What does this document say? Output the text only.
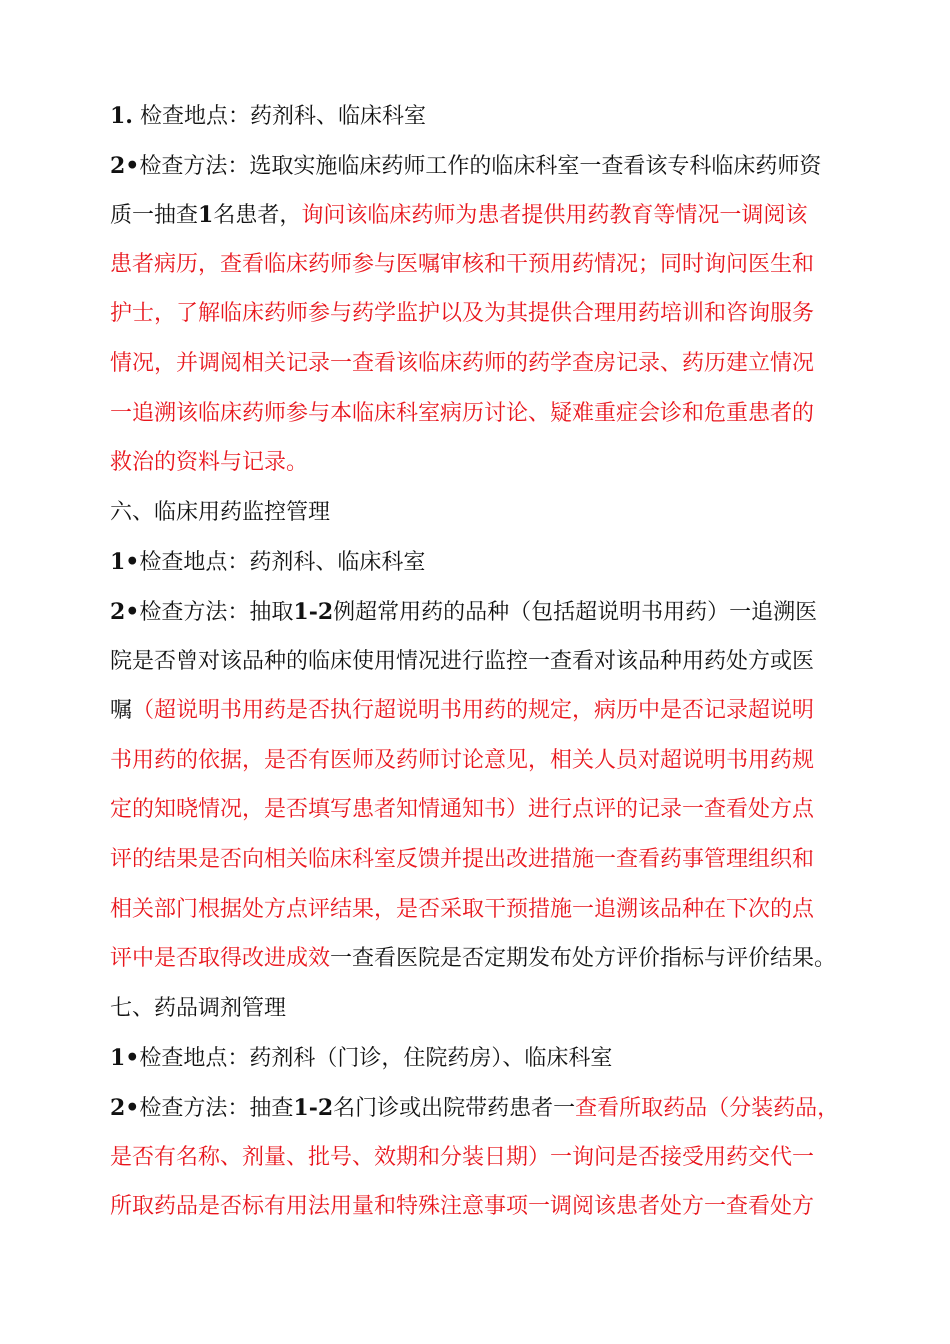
1. 检查地点：药剂科、临床科室
2•检查方法：选取实施临床药师工作的临床科室一查看该专科临床药师资
质一抽查1名患者，询问该临床药师为患者提供用药教育等情况一调阅该
患者病历，查看临床药师参与医嘱审核和干预用药情况；同时询问医生和
护士，了解临床药师参与药学监护以及为其提供合理用药培训和咨询服务
情况，并调阅相关记录一查看该临床药师的药学查房记录、药历建立情况
一追溯该临床药师参与本临床科室病历讨论、疑难重症会诊和危重患者的
救治的资料与记录。
六、临床用药监控管理
1•检查地点：药剂科、临床科室
2•检查方法：抽取1-2例超常用药的品种（包括超说明书用药）一追溯医
院是否曾对该品种的临床使用情况进行监控一查看对该品种用药处方或医
嘱（超说明书用药是否执行超说明书用药的规定，病历中是否记录超说明
书用药的依据，是否有医师及药师讨论意见，相关人员对超说明书用药规
定的知晓情况，是否填写患者知情通知书）进行点评的记录一查看处方点
评的结果是否向相关临床科室反馈并提出改进措施一查看药事管理组织和
相关部门根据处方点评结果，是否采取干预措施一追溯该品种在下次的点
评中是否取得改进成效一查看医院是否定期发布处方评价指标与评价结果。
七、药品调剂管理
1•检查地点：药剂科（门诊，住院药房）、临床科室
2•检查方法：抽查1-2名门诊或出院带药患者一查看所取药品（分装药品，
是否有名称、剂量、批号、效期和分装日期）一询问是否接受用药交代一
所取药品是否标有用法用量和特殊注意事项一调阅该患者处方一查看处方
